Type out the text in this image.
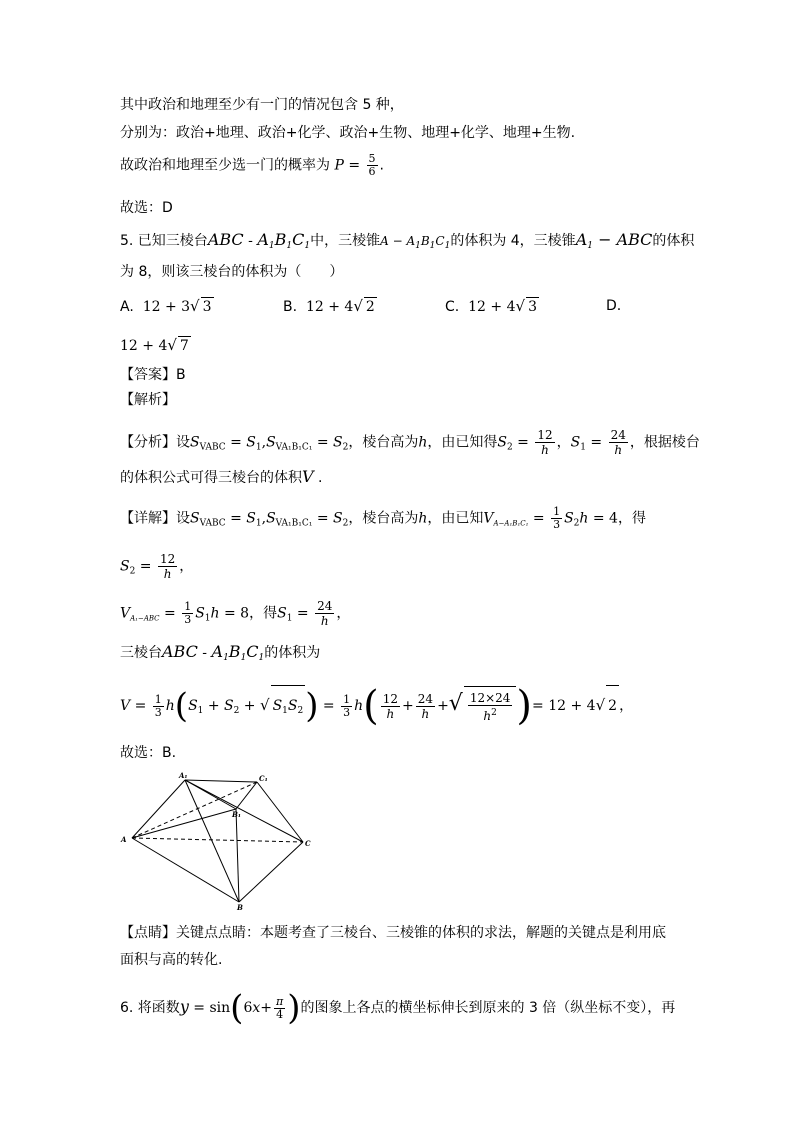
其中政治和地理至少有一门的情况包含 5 种，
分别为：政治+地理、政治+化学、政治+生物、地理+化学、地理+生物.
故政治和地理至少选一门的概率为 $P = \frac{5}{6}$ .
故选：D
5. 已知三棱台ABC - $A_1B_1C_1$中，三棱锥$A - A_1B_1C_1$的体积为 4，三棱锥$A_1$ − ABC的体积
为 8，则该三棱台的体积为（　　）
A. 12 + 3√ 3	B. 12 + 4√ 2	C. 12 + 4√ 3	D.
12 + 4√ 7
【答案】B
【解析】
【分析】设$S_{VABC} = S_1,S_{VA_1B_1C_1} = S_2$，棱台高为h，由已知得$S_2 = \frac{12}{h}$ ，$S_1 = \frac{24}{h}$ ，根据棱台
的体积公式可得三棱台的体积V .
【详解】设$S_{VABC} = S_1,S_{VA_1B_1C_1} = S_2$，棱台高为h，由已知$V_{A-A_1B_1C_1} = \frac{1}{3} S_2h = 4$，得
$S_2 = \frac{12}{h}$ ，
$V_{A_1-ABC} = \frac{1}{3} S_1h = 8$，得$S_1 = \frac{24}{h}$ ，
三棱台ABC - $A_1B_1C_1$的体积为
$V = \frac{1}{3} h(S_1 + S_2$ + √ $S_1S_2) = \frac{1}{3} h( \frac{12}{h} + \frac{24}{h}$ +√ $\frac{12\times 24}{h^2}$ )= 12 + 4√ 2 ，
故选：B.
A₁	C₁
B₁
A	C
B
【点睛】关键点点睛：本题考查了三棱台、三棱锥的体积的求法，解题的关键点是利用底
面积与高的转化.
6. 将函数$y = \sin(6x+ \frac{\pi}{4}$ )的图象上各点的横坐标伸长到原来的 3 倍（纵坐标不变），再
